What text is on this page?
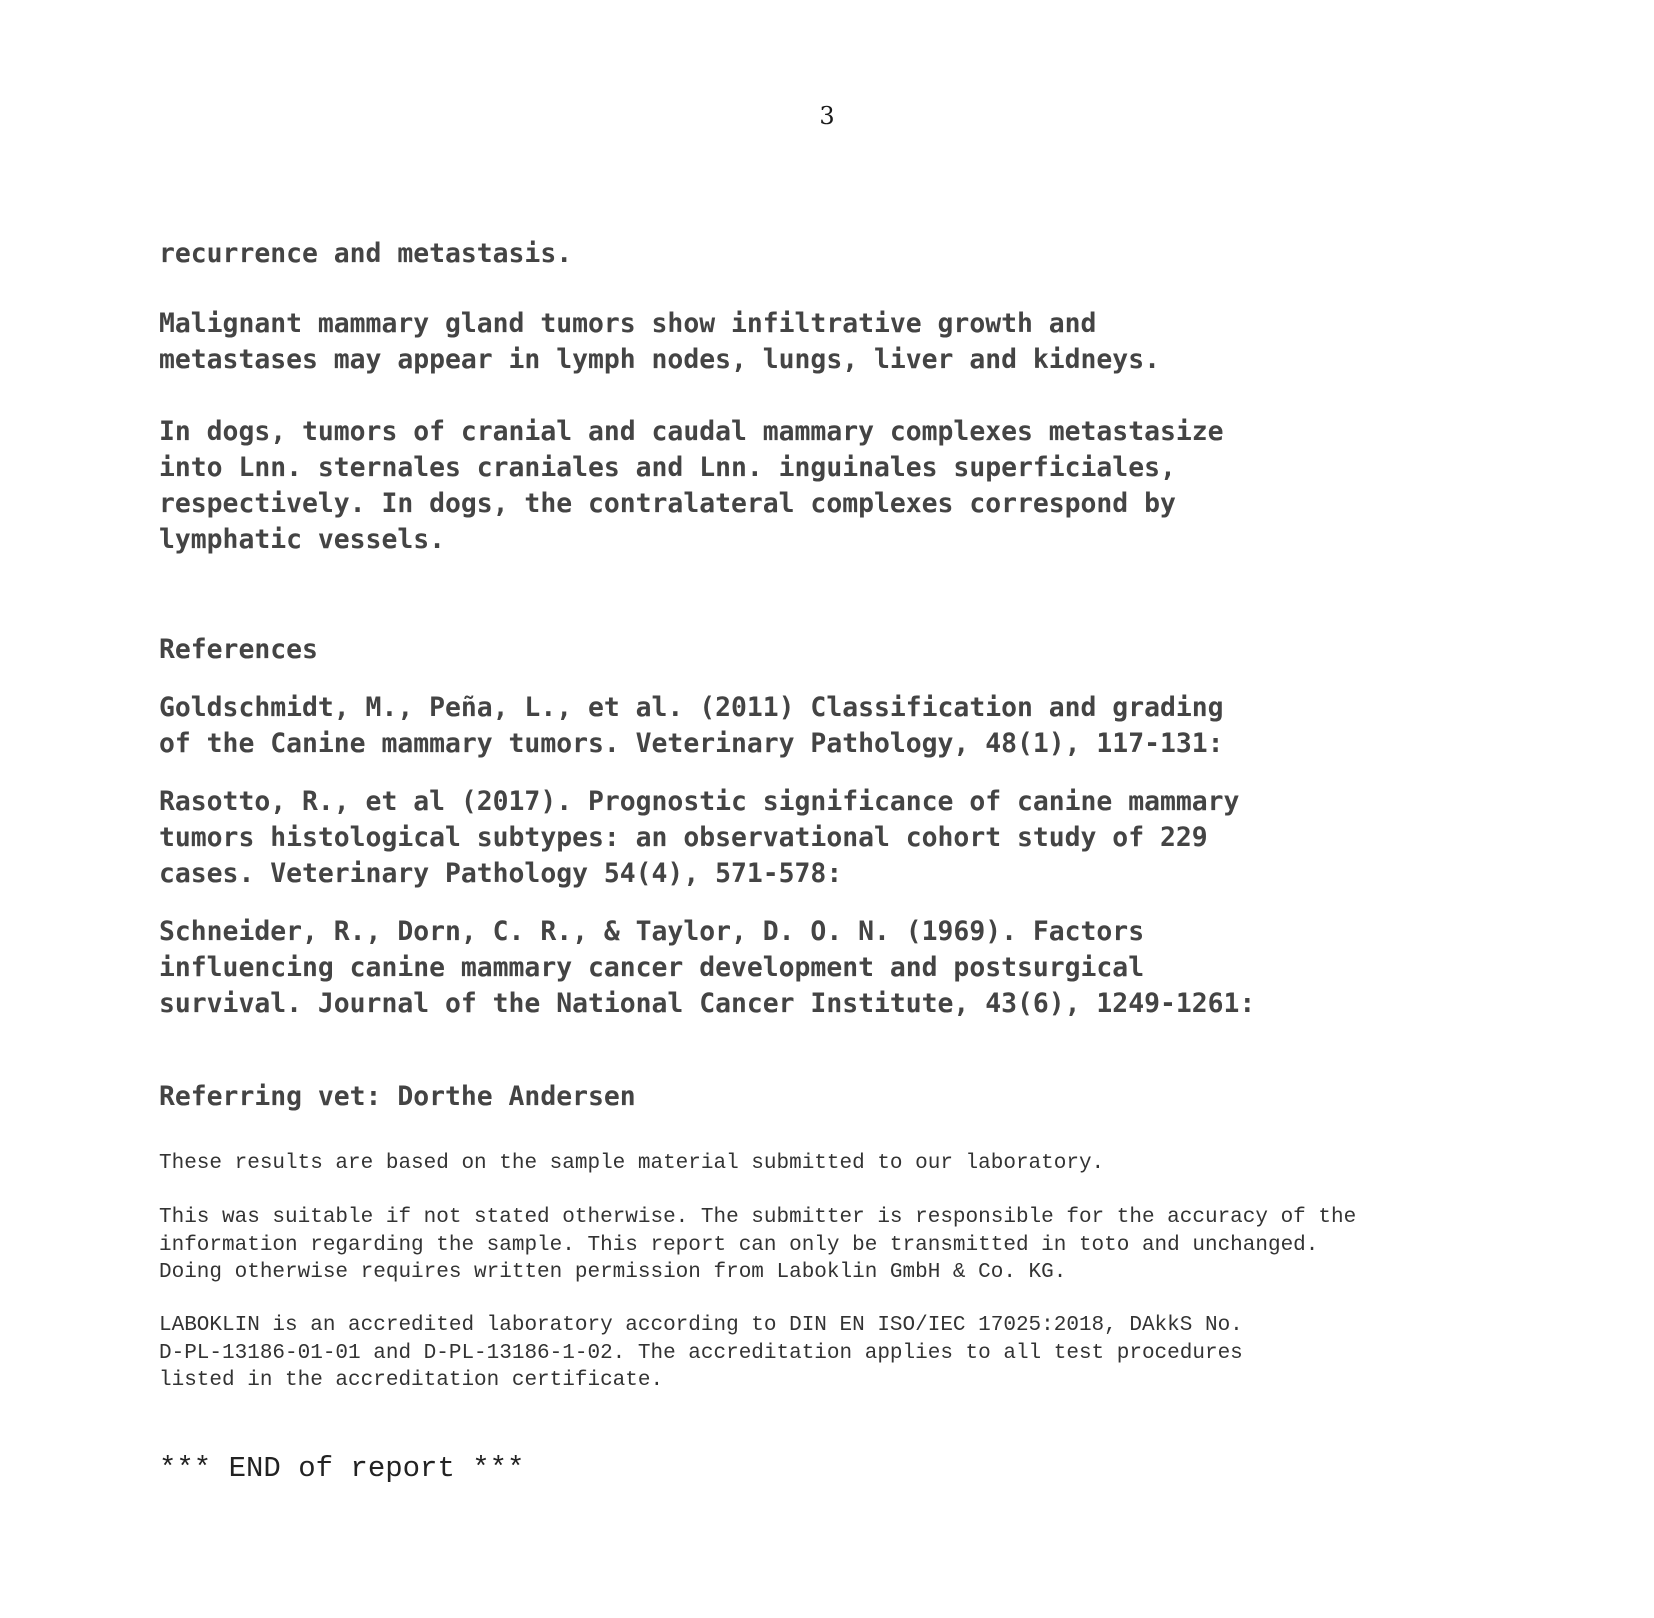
3

recurrence and metastasis.

Malignant mammary gland tumors show infiltrative growth and
metastases may appear in lymph nodes, lungs, liver and kidneys.

In dogs, tumors of cranial and caudal mammary complexes metastasize
into Lnn. sternales craniales and Lnn. inguinales superficiales,
respectively. In dogs, the contralateral complexes correspond by
lymphatic vessels.

References

Goldschmidt, M., Peña, L., et al. (2011) Classification and grading
of the Canine mammary tumors. Veterinary Pathology, 48(1), 117-131:

Rasotto, R., et al (2017). Prognostic significance of canine mammary
tumors histological subtypes: an observational cohort study of 229
cases. Veterinary Pathology 54(4), 571-578:

Schneider, R., Dorn, C. R., & Taylor, D. O. N. (1969). Factors
influencing canine mammary cancer development and postsurgical
survival. Journal of the National Cancer Institute, 43(6), 1249-1261:

Referring vet: Dorthe Andersen

These results are based on the sample material submitted to our laboratory.

This was suitable if not stated otherwise. The submitter is responsible for the accuracy of the
information regarding the sample. This report can only be transmitted in toto and unchanged.
Doing otherwise requires written permission from Laboklin GmbH & Co. KG.

LABOKLIN is an accredited laboratory according to DIN EN ISO/IEC 17025:2018, DAkkS No.
D-PL-13186-01-01 and D-PL-13186-1-02. The accreditation applies to all test procedures
listed in the accreditation certificate.

*** END of report ***
